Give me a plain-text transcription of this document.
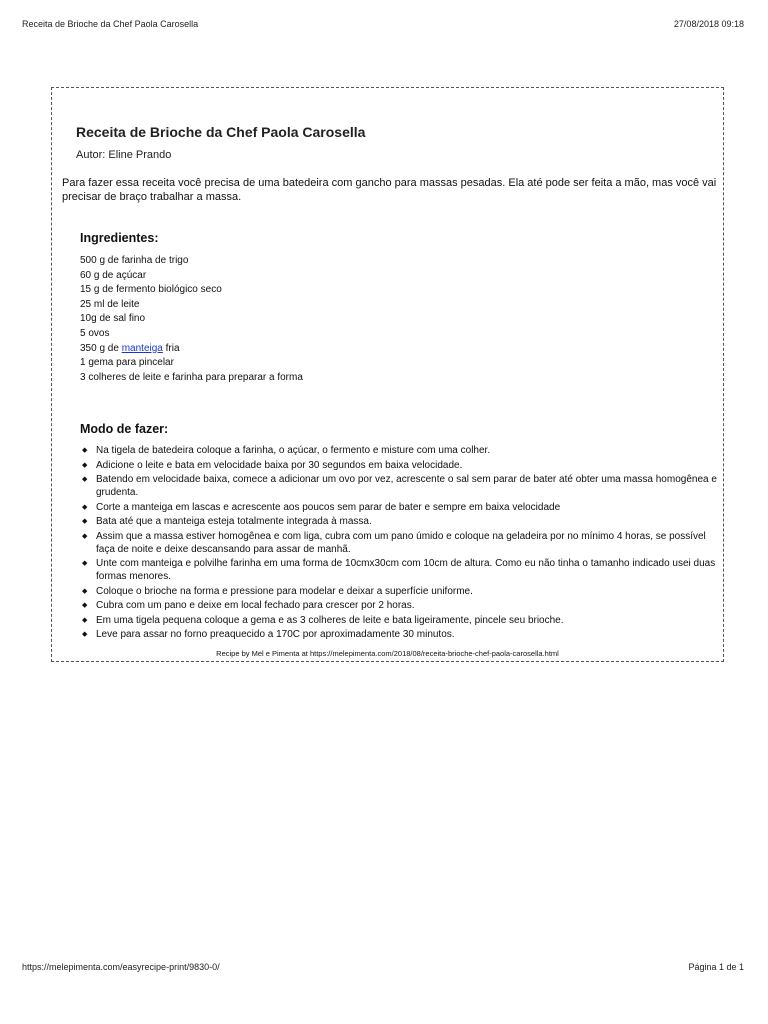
Receita de Brioche da Chef Paola Carosella	27/08/2018 09:18
Receita de Brioche da Chef Paola Carosella
Autor: Eline Prando

Para fazer essa receita você precisa de uma batedeira com gancho para massas pesadas. Ela até pode ser feita a mão, mas você vai precisar de braço trabalhar a massa.

Ingredientes:
500 g de farinha de trigo
60 g de açúcar
15 g de fermento biológico seco
25 ml de leite
10g de sal fino
5 ovos
350 g de manteiga fria
1 gema para pincelar
3 colheres de leite e farinha para preparar a forma
Modo de fazer:
◆ Na tigela de batedeira coloque a farinha, o açúcar, o fermento e misture com uma colher.
◆ Adicione o leite e bata em velocidade baixa por 30 segundos em baixa velocidade.
◆ Batendo em velocidade baixa, comece a adicionar um ovo por vez, acrescente o sal sem parar de bater até obter uma massa homogênea e grudenta.
◆ Corte a manteiga em lascas e acrescente aos poucos sem parar de bater e sempre em baixa velocidade
◆ Bata até que a manteiga esteja totalmente integrada à massa.
◆ Assim que a massa estiver homogênea e com liga, cubra com um pano úmido e coloque na geladeira por no mínimo 4 horas, se possível faça de noite e deixe descansando para assar de manhã.
◆ Unte com manteiga e polvilhe farinha em uma forma de 10cmx30cm com 10cm de altura. Como eu não tinha o tamanho indicado usei duas formas menores.
◆ Coloque o brioche na forma e pressione para modelar e deixar a superfície uniforme.
◆ Cubra com um pano e deixe em local fechado para crescer por 2 horas.
◆ Em uma tigela pequena coloque a gema e as 3 colheres de leite e bata ligeiramente, pincele seu brioche.
◆ Leve para assar no forno preaquecido a 170C por aproximadamente 30 minutos.
Recipe by Mel e Pimenta at https://melepimenta.com/2018/08/receita-brioche-chef-paola-carosella.html
https://melepimenta.com/easyrecipe-print/9830-0/	Página 1 de 1
